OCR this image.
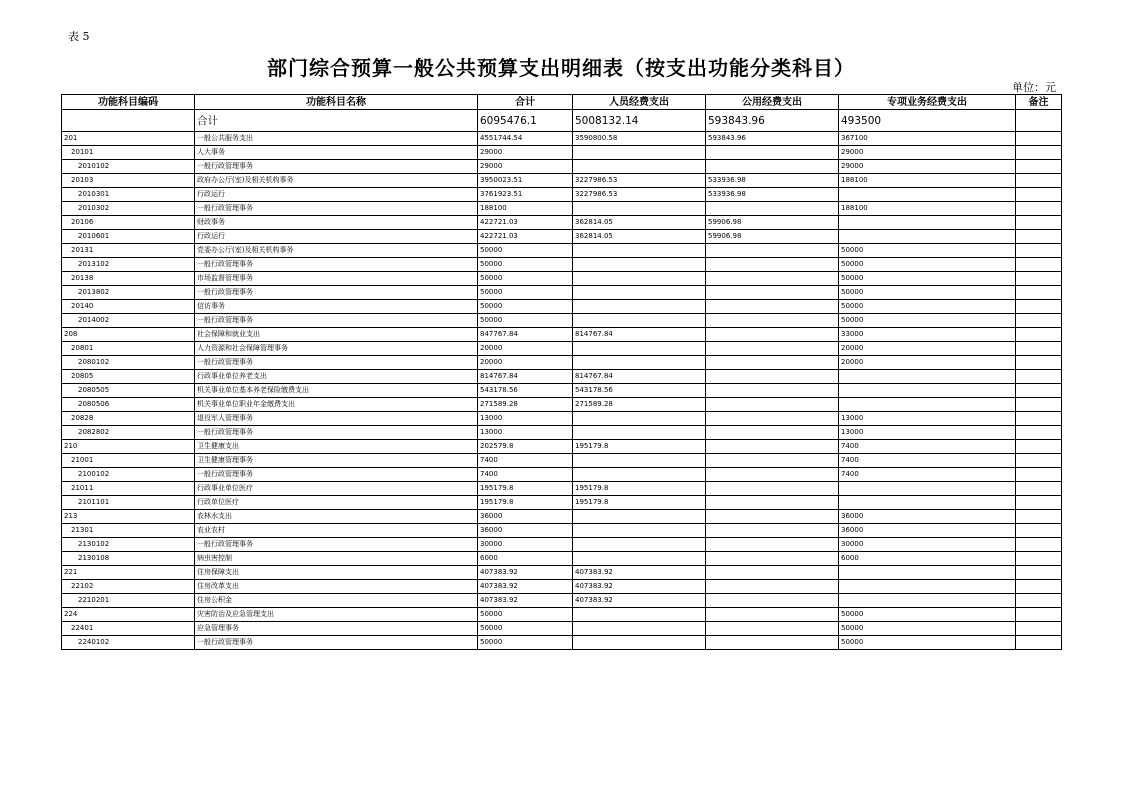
表 5
部门综合预算一般公共预算支出明细表（按支出功能分类科目）
单位：元
功能科目编码	功能科目名称	合计	人员经费支出	公用经费支出	专项业务经费支出	备注
	合计	6095476.1	5008132.14	593843.96	493500	
201	一般公共服务支出	4551744.54	3590800.58	593843.96	367100	
20101	人大事务	29000			29000	
2010102	一般行政管理事务	29000			29000	
20103	政府办公厅(室)及相关机构事务	3950023.51	3227986.53	533936.98	188100	
2010301	行政运行	3761923.51	3227986.53	533936.98		
2010302	一般行政管理事务	188100			188100	
20106	财政事务	422721.03	362814.05	59906.98		
2010601	行政运行	422721.03	362814.05	59906.98		
20131	党委办公厅(室)及相关机构事务	50000			50000	
2013102	一般行政管理事务	50000			50000	
20138	市场监督管理事务	50000			50000	
2013802	一般行政管理事务	50000			50000	
20140	信访事务	50000			50000	
2014002	一般行政管理事务	50000			50000	
208	社会保障和就业支出	847767.84	814767.84		33000	
20801	人力资源和社会保障管理事务	20000			20000	
2080102	一般行政管理事务	20000			20000	
20805	行政事业单位养老支出	814767.84	814767.84			
2080505	机关事业单位基本养老保险缴费支出	543178.56	543178.56			
2080506	机关事业单位职业年金缴费支出	271589.28	271589.28			
20828	退役军人管理事务	13000			13000	
2082802	一般行政管理事务	13000			13000	
210	卫生健康支出	202579.8	195179.8		7400	
21001	卫生健康管理事务	7400			7400	
2100102	一般行政管理事务	7400			7400	
21011	行政事业单位医疗	195179.8	195179.8			
2101101	行政单位医疗	195179.8	195179.8			
213	农林水支出	36000			36000	
21301	农业农村	36000			36000	
2130102	一般行政管理事务	30000			30000	
2130108	病虫害控制	6000			6000	
221	住房保障支出	407383.92	407383.92			
22102	住房改革支出	407383.92	407383.92			
2210201	住房公积金	407383.92	407383.92			
224	灾害防治及应急管理支出	50000			50000	
22401	应急管理事务	50000			50000	
2240102	一般行政管理事务	50000			50000	
